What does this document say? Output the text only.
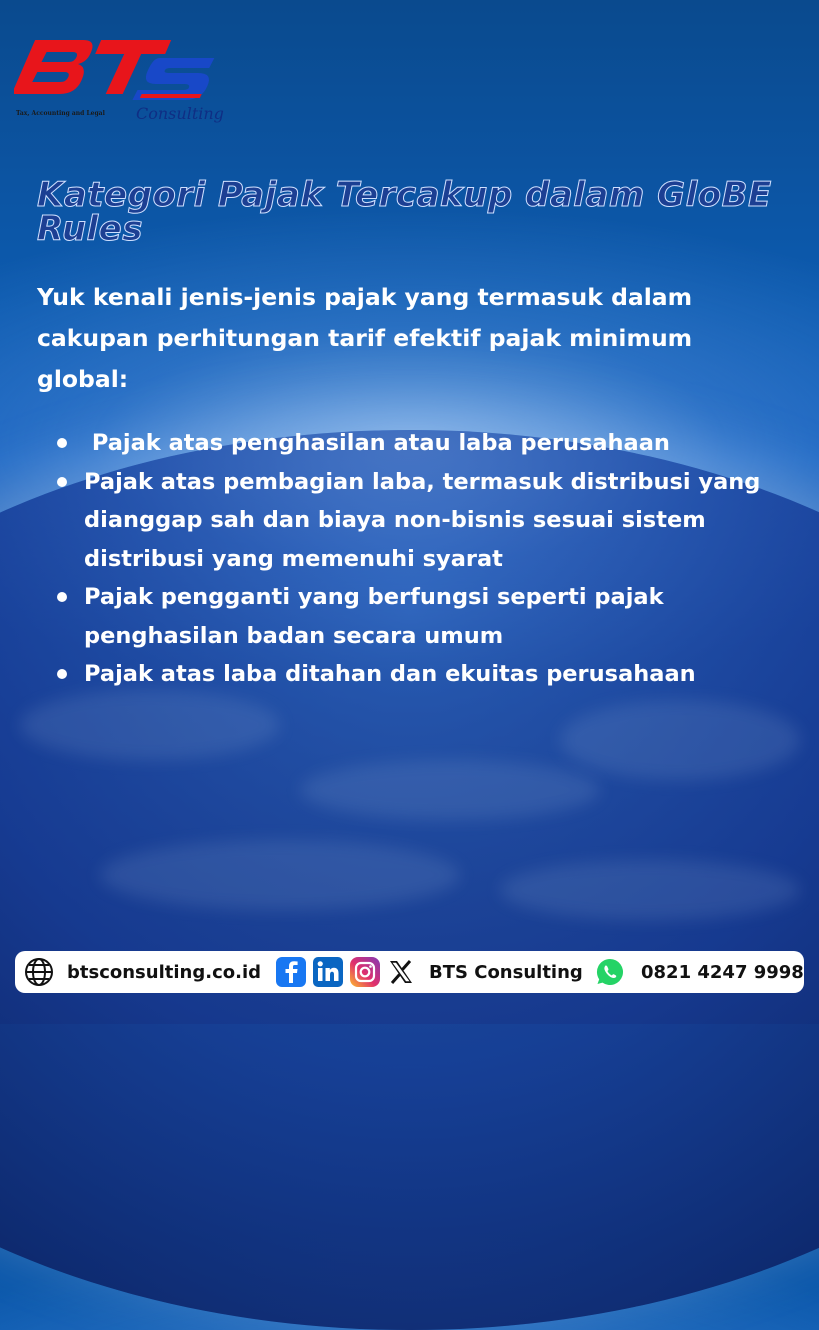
Tax, Accounting and Legal Consulting
Kategori Pajak Tercakup dalam GloBE Rules

Yuk kenali jenis-jenis pajak yang termasuk dalam cakupan perhitungan tarif efektif pajak minimum global:

Pajak atas penghasilan atau laba perusahaan
Pajak atas pembagian laba, termasuk distribusi yang dianggap sah dan biaya non-bisnis sesuai sistem distribusi yang memenuhi syarat
Pajak pengganti yang berfungsi seperti pajak penghasilan badan secara umum
Pajak atas laba ditahan dan ekuitas perusahaan
btsconsulting.co.id	BTS Consulting	0821 4247 9998
